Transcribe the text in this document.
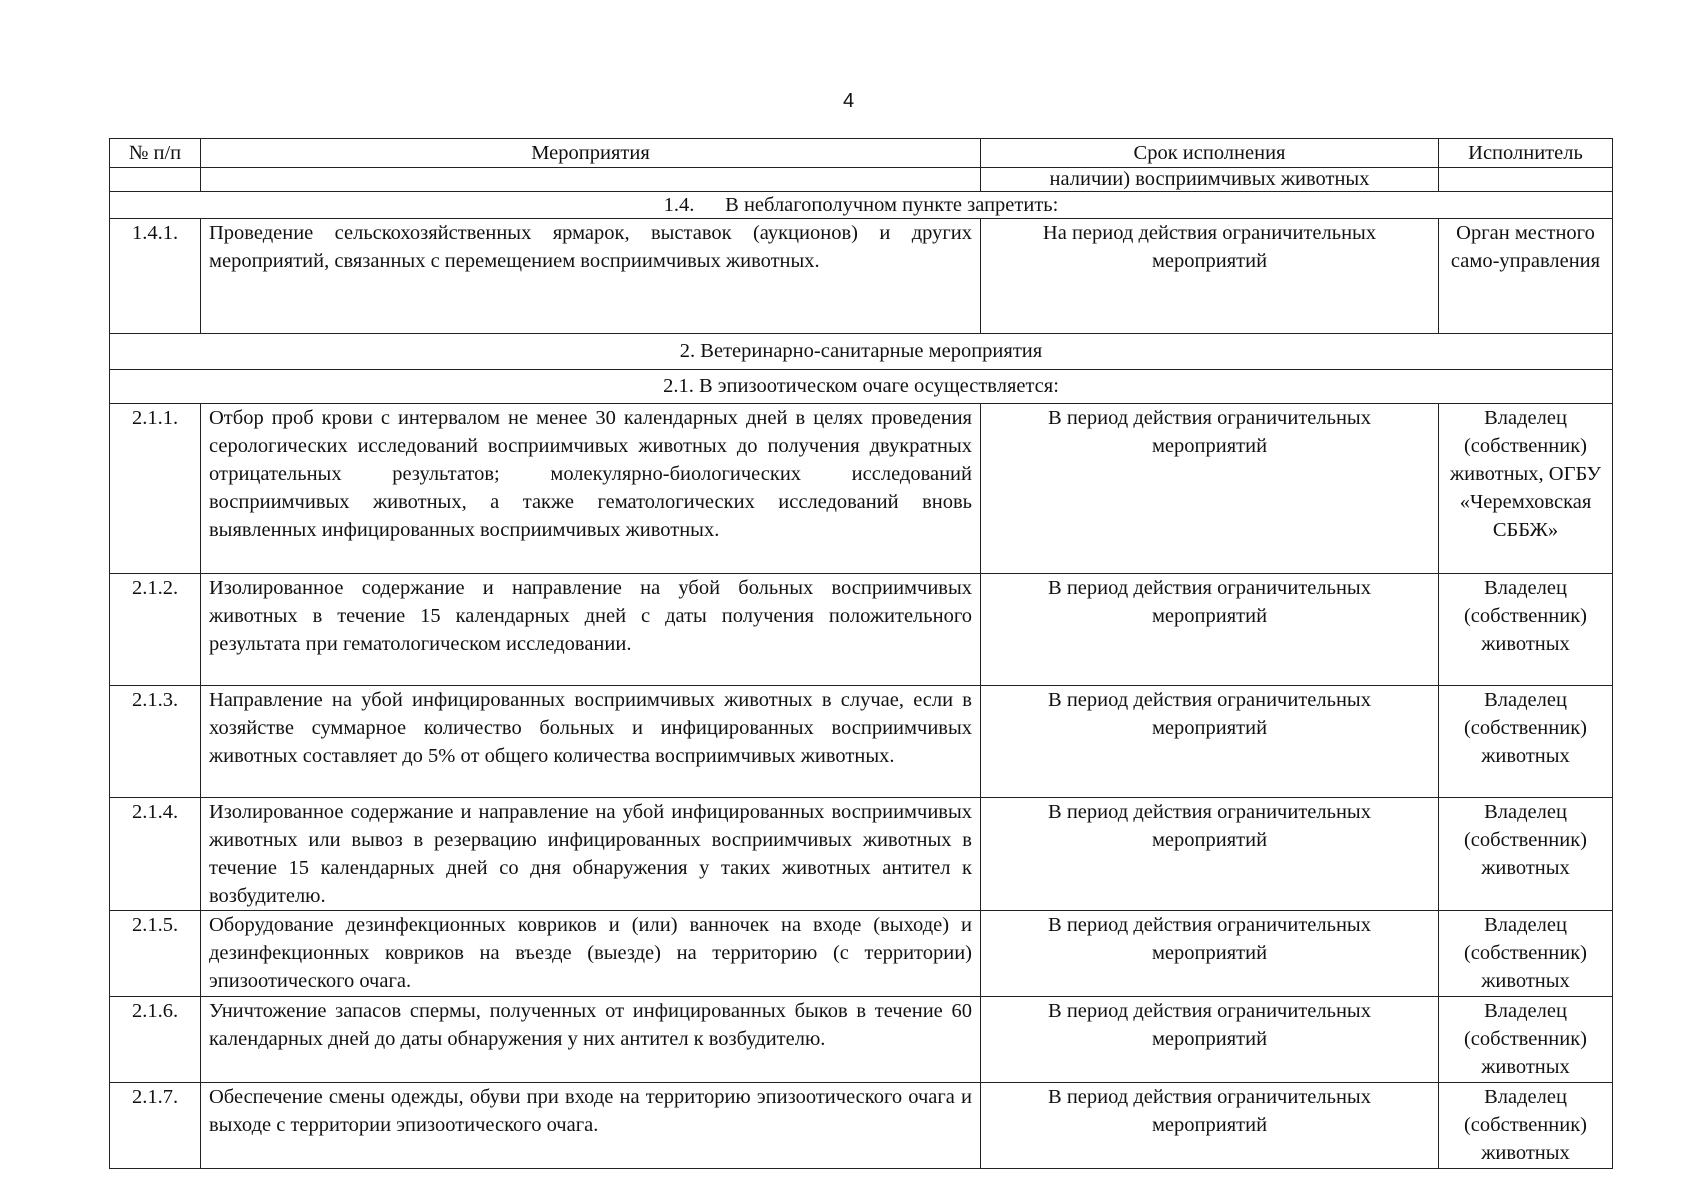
4
№ п/п	Мероприятия	Срок исполнения	Исполнитель
		наличии) восприимчивых животных	
1.4.      В неблагополучном пункте запретить:			
1.4.1.	Проведение сельскохозяйственных ярмарок, выставок (аукционов) и других мероприятий, связанных с перемещением восприимчивых животных.	На период действия ограничительных мероприятий	Орган местного само-управления
2. Ветеринарно-санитарные мероприятия			
2.1. В эпизоотическом очаге осуществляется:			
2.1.1.	Отбор проб крови с интервалом не менее 30 календарных дней в целях проведения серологических исследований восприимчивых животных до получения двукратных отрицательных результатов; молекулярно-биологических исследований восприимчивых животных, а также гематологических исследований вновь выявленных инфицированных восприимчивых животных.	В период действия ограничительных мероприятий	Владелец (собственник) животных, ОГБУ «Черемховская СББЖ»
2.1.2.	Изолированное содержание и направление на убой больных восприимчивых животных в течение 15 календарных дней с даты получения положительного результата при гематологическом исследовании.	В период действия ограничительных мероприятий	Владелец (собственник) животных
2.1.3.	Направление на убой инфицированных восприимчивых животных в случае, если в хозяйстве суммарное количество больных и инфицированных восприимчивых животных составляет до 5% от общего количества восприимчивых животных.	В период действия ограничительных мероприятий	Владелец (собственник) животных
2.1.4.	Изолированное содержание и направление на убой инфицированных восприимчивых животных или вывоз в резервацию инфицированных восприимчивых животных в течение 15 календарных дней со дня обнаружения у таких животных антител к возбудителю.	В период действия ограничительных мероприятий	Владелец (собственник) животных
2.1.5.	Оборудование дезинфекционных ковриков и (или) ванночек на входе (выходе) и дезинфекционных ковриков на въезде (выезде) на территорию (с территории) эпизоотического очага.	В период действия ограничительных мероприятий	Владелец (собственник) животных
2.1.6.	Уничтожение запасов спермы, полученных от инфицированных быков в течение 60 календарных дней до даты обнаружения у них антител к возбудителю.	В период действия ограничительных мероприятий	Владелец (собственник) животных
2.1.7.	Обеспечение смены одежды, обуви при входе на территорию эпизоотического очага и выходе с территории эпизоотического очага.	В период действия ограничительных мероприятий	Владелец (собственник) животных
